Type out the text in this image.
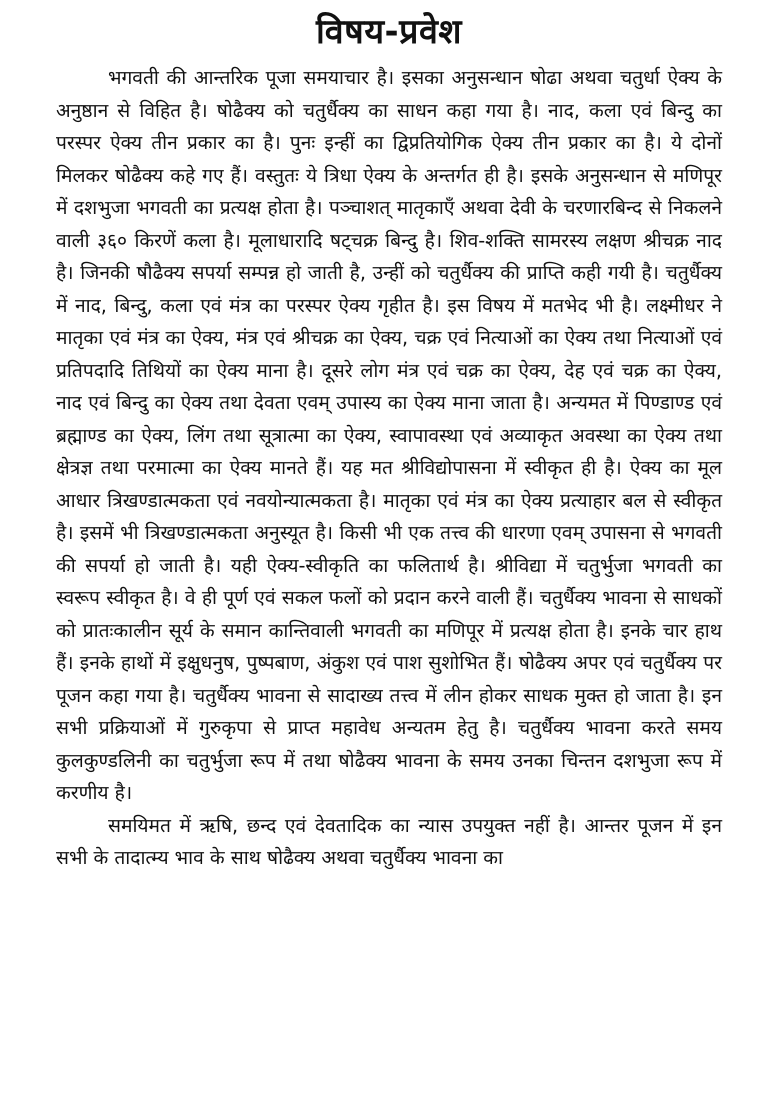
विषय-प्रवेश

भगवती की आन्तरिक पूजा समयाचार है। इसका अनुसन्धान षोढा अथवा चतुर्धा ऐक्य के अनुष्ठान से विहित है। षोढैक्य को चतुर्धैक्य का साधन कहा गया है। नाद, कला एवं बिन्दु का परस्पर ऐक्य तीन प्रकार का है। पुनः इन्हीं का द्विप्रतियोगिक ऐक्य तीन प्रकार का है। ये दोनों मिलकर षोढैक्य कहे गए हैं। वस्तुतः ये त्रिधा ऐक्य के अन्तर्गत ही है। इसके अनुसन्धान से मणिपूर में दशभुजा भगवती का प्रत्यक्ष होता है। पञ्चाशत् मातृकाएँ अथवा देवी के चरणारबिन्द से निकलने वाली ३६० किरणें कला है। मूलाधारादि षट्चक्र बिन्दु है। शिव-शक्ति सामरस्य लक्षण श्रीचक्र नाद है। जिनकी षौढैक्य सपर्या सम्पन्न हो जाती है, उन्हीं को चतुर्धैक्य की प्राप्ति कही गयी है। चतुर्धैक्य में नाद, बिन्दु, कला एवं मंत्र का परस्पर ऐक्य गृहीत है। इस विषय में मतभेद भी है। लक्ष्मीधर ने मातृका एवं मंत्र का ऐक्य, मंत्र एवं श्रीचक्र का ऐक्य, चक्र एवं नित्याओं का ऐक्य तथा नित्याओं एवं प्रतिपदादि तिथियों का ऐक्य माना है। दूसरे लोग मंत्र एवं चक्र का ऐक्य, देह एवं चक्र का ऐक्य, नाद एवं बिन्दु का ऐक्य तथा देवता एवम् उपास्य का ऐक्य माना जाता है। अन्यमत में पिण्डाण्ड एवं ब्रह्माण्ड का ऐक्य, लिंग तथा सूत्रात्मा का ऐक्य, स्वापावस्था एवं अव्याकृत अवस्था का ऐक्य तथा क्षेत्रज्ञ तथा परमात्मा का ऐक्य मानते हैं। यह मत श्रीविद्योपासना में स्वीकृत ही है। ऐक्य का मूल आधार त्रिखण्डात्मकता एवं नवयोन्यात्मकता है। मातृका एवं मंत्र का ऐक्य प्रत्याहार बल से स्वीकृत है। इसमें भी त्रिखण्डात्मकता अनुस्यूत है। किसी भी एक तत्त्व की धारणा एवम् उपासना से भगवती की सपर्या हो जाती है। यही ऐक्य-स्वीकृति का फलितार्थ है। श्रीविद्या में चतुर्भुजा भगवती का स्वरूप स्वीकृत है। वे ही पूर्ण एवं सकल फलों को प्रदान करने वाली हैं। चतुर्धैक्य भावना से साधकों को प्रातःकालीन सूर्य के समान कान्तिवाली भगवती का मणिपूर में प्रत्यक्ष होता है। इनके चार हाथ हैं। इनके हाथों में इक्षुधनुष, पुष्पबाण, अंकुश एवं पाश सुशोभित हैं। षोढैक्य अपर एवं चतुर्धैक्य पर पूजन कहा गया है। चतुर्धैक्य भावना से सादाख्य तत्त्व में लीन होकर साधक मुक्त हो जाता है। इन सभी प्रक्रियाओं में गुरुकृपा से प्राप्त महावेध अन्यतम हेतु है। चतुर्धैक्य भावना करते समय कुलकुण्डलिनी का चतुर्भुजा रूप में तथा षोढैक्य भावना के समय उनका चिन्तन दशभुजा रूप में करणीय है।

समयिमत में ऋषि, छन्द एवं देवतादिक का न्यास उपयुक्त नहीं है। आन्तर पूजन में इन सभी के तादात्म्य भाव के साथ षोढैक्य अथवा चतुर्धैक्य भावना का
